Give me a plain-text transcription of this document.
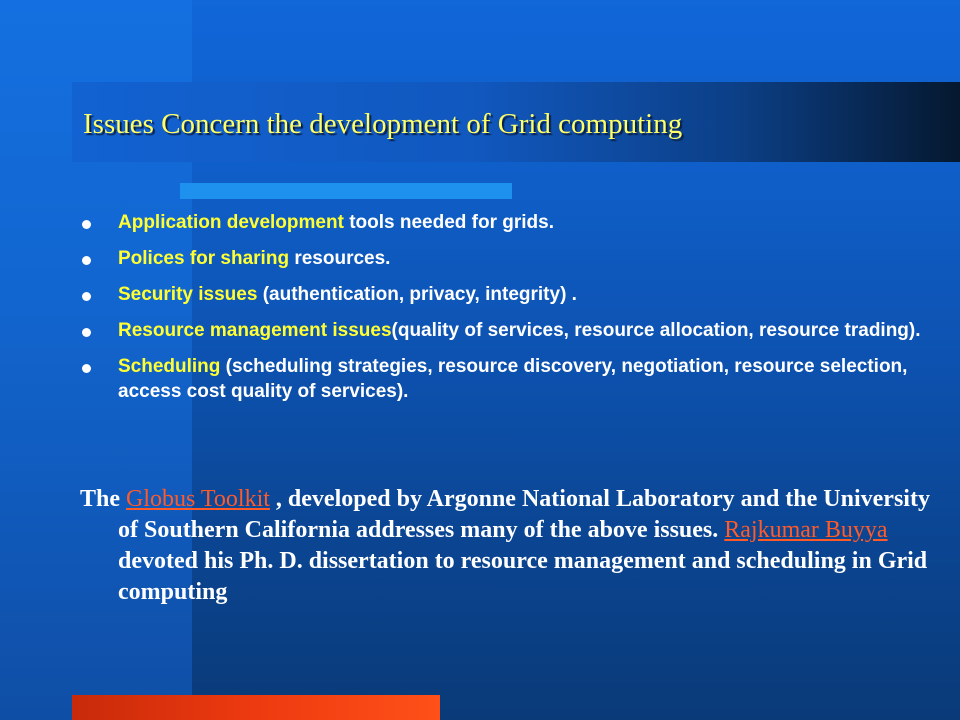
Issues Concern the development of Grid computing
Application development tools needed for grids.
Polices for sharing resources.
Security issues (authentication, privacy, integrity) .
Resource management issues(quality of services, resource allocation, resource trading).
Scheduling (scheduling strategies, resource discovery, negotiation, resource selection, access cost quality of services).

The Globus Toolkit , developed by Argonne National Laboratory and the University of Southern California addresses many of the above issues. Rajkumar Buyya devoted his Ph. D. dissertation to resource management and scheduling in Grid computing
